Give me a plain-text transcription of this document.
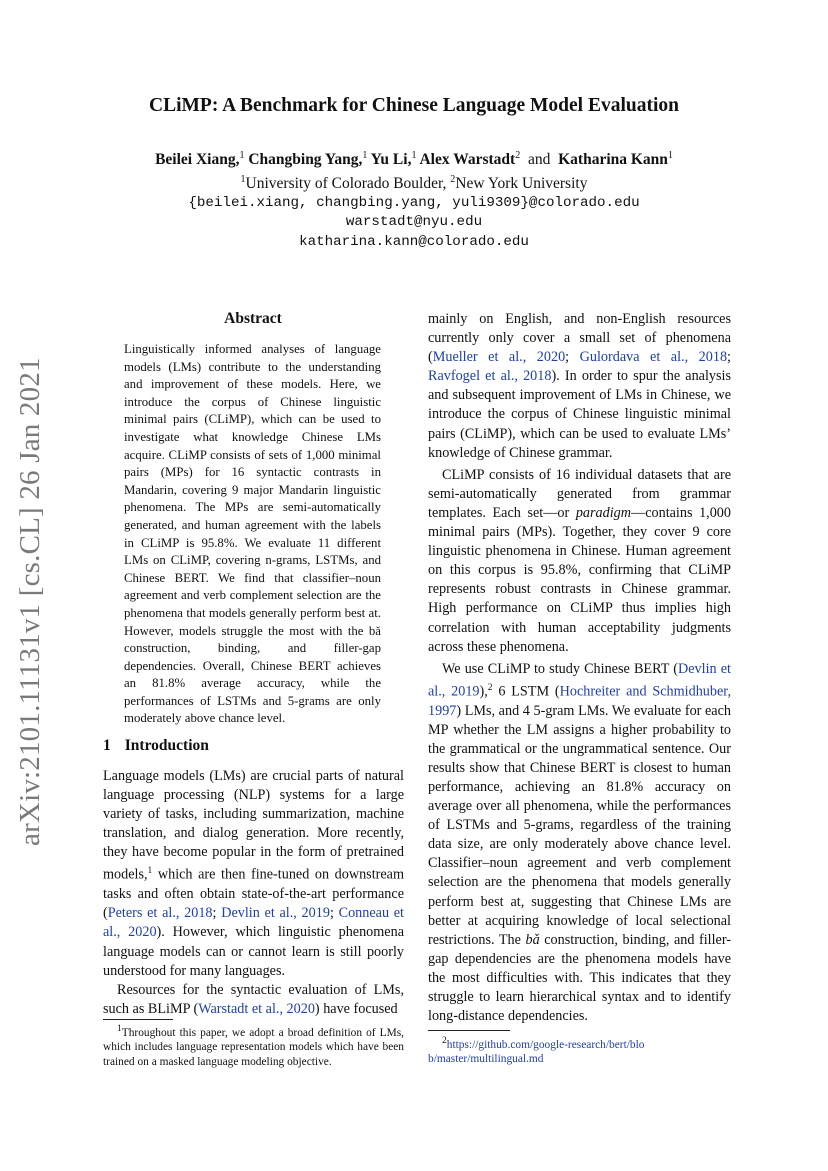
CLiMP: A Benchmark for Chinese Language Model Evaluation
Beilei Xiang,$^1$ Changbing Yang,$^1$ Yu Li,$^1$ Alex Warstadt$^2$ and Katharina Kann$^1$
$^1$University of Colorado Boulder, $^2$New York University
{beilei.xiang, changbing.yang, yuli9309}@colorado.edu
warstadt@nyu.edu
katharina.kann@colorado.edu
arXiv:2101.11131v1 [cs.CL] 26 Jan 2021
Abstract
Linguistically informed analyses of language models (LMs) contribute to the understanding and improvement of these models. Here, we introduce the corpus of Chinese linguistic minimal pairs (CLiMP), which can be used to investigate what knowledge Chinese LMs acquire. CLiMP consists of sets of 1,000 minimal pairs (MPs) for 16 syntactic contrasts in Mandarin, covering 9 major Mandarin linguistic phenomena. The MPs are semi-automatically generated, and human agreement with the labels in CLiMP is 95.8%. We evaluate 11 different LMs on CLiMP, covering n-grams, LSTMs, and Chinese BERT. We find that classifier–noun agreement and verb complement selection are the phenomena that models generally perform best at. However, models struggle the most with the bǎ construction, binding, and filler-gap dependencies. Overall, Chinese BERT achieves an 81.8% average accuracy, while the performances of LSTMs and 5-grams are only moderately above chance level.
1 Introduction

Language models (LMs) are crucial parts of natural language processing (NLP) systems for a large variety of tasks, including summarization, machine translation, and dialog generation. More recently, they have become popular in the form of pretrained models,$^1$ which are then fine-tuned on downstream tasks and often obtain state-of-the-art performance (Peters et al., 2018; Devlin et al., 2019; Conneau et al., 2020). However, which linguistic phenomena language models can or cannot learn is still poorly understood for many languages.

Resources for the syntactic evaluation of LMs, such as BLiMP (Warstadt et al., 2020) have focused

$^1$Throughout this paper, we adopt a broad definition of LMs, which includes language representation models which have been trained on a masked language modeling objective.

mainly on English, and non-English resources currently only cover a small set of phenomena (Mueller et al., 2020; Gulordava et al., 2018; Ravfogel et al., 2018). In order to spur the analysis and subsequent improvement of LMs in Chinese, we introduce the corpus of Chinese linguistic minimal pairs (CLiMP), which can be used to evaluate LMs’ knowledge of Chinese grammar.

CLiMP consists of 16 individual datasets that are semi-automatically generated from grammar templates. Each set—or paradigm—contains 1,000 minimal pairs (MPs). Together, they cover 9 core linguistic phenomena in Chinese. Human agreement on this corpus is 95.8%, confirming that CLiMP represents robust contrasts in Chinese grammar. High performance on CLiMP thus implies high correlation with human acceptability judgments across these phenomena.

We use CLiMP to study Chinese BERT (Devlin et al., 2019),$^2$ 6 LSTM (Hochreiter and Schmidhuber, 1997) LMs, and 4 5-gram LMs. We evaluate for each MP whether the LM assigns a higher probability to the grammatical or the ungrammatical sentence. Our results show that Chinese BERT is closest to human performance, achieving an 81.8% accuracy on average over all phenomena, while the performances of LSTMs and 5-grams, regardless of the training data size, are only moderately above chance level. Classifier–noun agreement and verb complement selection are the phenomena that models generally perform best at, suggesting that Chinese LMs are better at acquiring knowledge of local selectional restrictions. The bǎ construction, binding, and filler-gap dependencies are the phenomena models have the most difficulties with. This indicates that they struggle to learn hierarchical syntax and to identify long-distance dependencies.

$^2$https://github.com/google-research/bert/blob/master/multilingual.md
